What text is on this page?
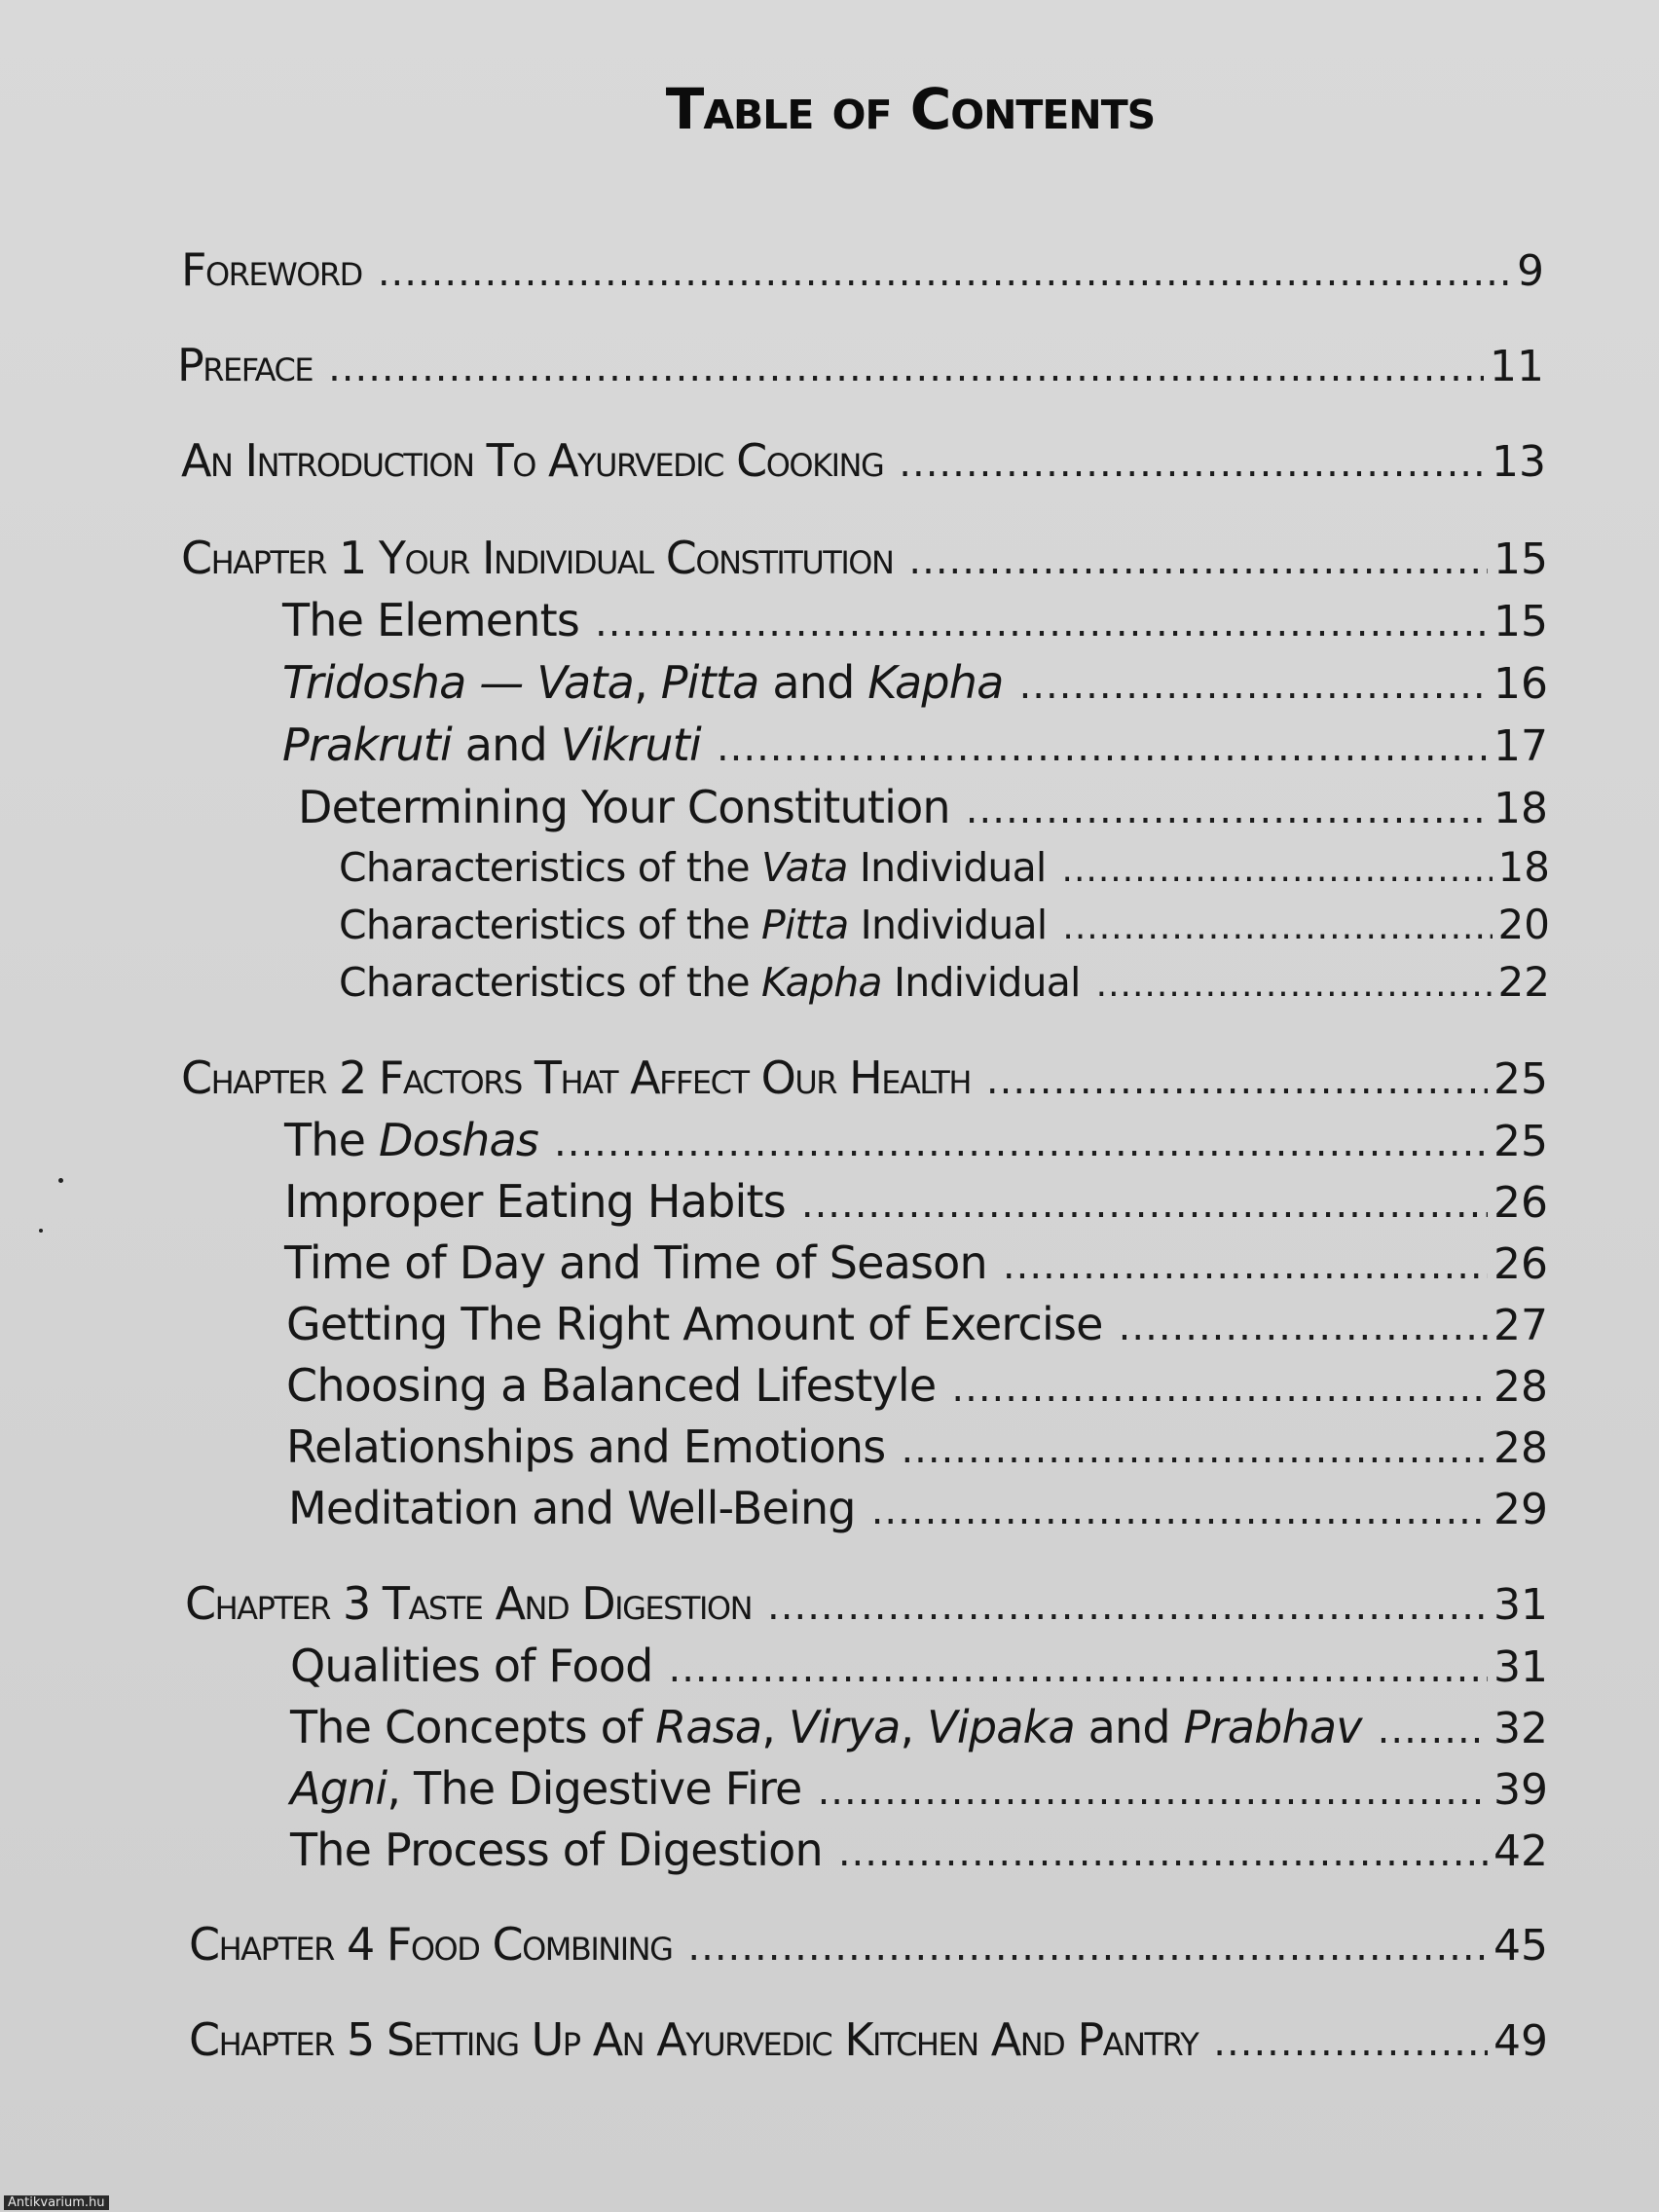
Table of Contents
Foreword .....	9
Preface .....	11
An Introduction To Ayurvedic Cooking .....	13
Chapter 1 Your Individual Constitution .....	15
The Elements .....	15
Tridosha — Vata, Pitta and Kapha .....	16
Prakruti and Vikruti .....	17
Determining Your Constitution .....	18
Characteristics of the Vata Individual .....	18
Characteristics of the Pitta Individual .....	20
Characteristics of the Kapha Individual .....	22
Chapter 2 Factors That Affect Our Health .....	25
The Doshas .....	25
Improper Eating Habits .....	26
Time of Day and Time of Season .....	26
Getting The Right Amount of Exercise .....	27
Choosing a Balanced Lifestyle .....	28
Relationships and Emotions .....	28
Meditation and Well-Being .....	29
Chapter 3 Taste And Digestion .....	31
Qualities of Food .....	31
The Concepts of Rasa, Virya, Vipaka and Prabhav .....	32
Agni, The Digestive Fire .....	39
The Process of Digestion .....	42
Chapter 4 Food Combining .....	45
Chapter 5 Setting Up An Ayurvedic Kitchen And Pantry .....	49
Antikvarium.hu
